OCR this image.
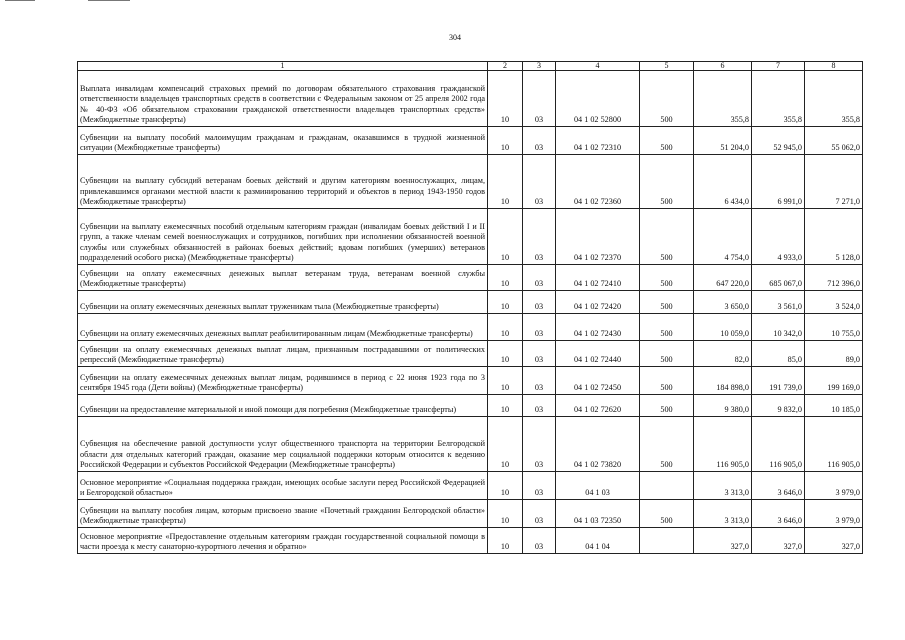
304
1	2	3	4	5	6	7	8
Выплата инвалидам компенсаций страховых премий по договорам обязательного страхования гражданской ответственности владельцев транспортных средств в соответствии с Федеральным законом от 25 апреля 2002 года № 40-ФЗ «Об обязательном страховании гражданской ответственности владельцев транспортных средств» (Межбюджетные трансферты)	10	03	04 1 02 52800	500	355,8	355,8	355,8
Субвенции на выплату пособий малоимущим гражданам и гражданам, оказавшимся в трудной жизненной ситуации (Межбюджетные трансферты)	10	03	04 1 02 72310	500	51 204,0	52 945,0	55 062,0
Субвенции на выплату субсидий ветеранам боевых действий и другим категориям военнослужащих, лицам, привлекавшимся органами местной власти к разминированию территорий и объектов в период 1943-1950 годов (Межбюджетные трансферты)	10	03	04 1 02 72360	500	6 434,0	6 991,0	7 271,0
Субвенции на выплату ежемесячных пособий отдельным категориям граждан (инвалидам боевых действий I и II групп, а также членам семей военнослужащих и сотрудников, погибших при исполнении обязанностей военной службы или служебных обязанностей в районах боевых действий; вдовам погибших (умерших) ветеранов подразделений особого риска) (Межбюджетные трансферты)	10	03	04 1 02 72370	500	4 754,0	4 933,0	5 128,0
Субвенции на оплату ежемесячных денежных выплат ветеранам труда, ветеранам военной службы (Межбюджетные трансферты)	10	03	04 1 02 72410	500	647 220,0	685 067,0	712 396,0
Субвенции на оплату ежемесячных денежных выплат труженикам тыла (Межбюджетные трансферты)	10	03	04 1 02 72420	500	3 650,0	3 561,0	3 524,0
Субвенции на оплату ежемесячных денежных выплат реабилитированным лицам (Межбюджетные трансферты)	10	03	04 1 02 72430	500	10 059,0	10 342,0	10 755,0
Субвенции на оплату ежемесячных денежных выплат лицам, признанным пострадавшими от политических репрессий (Межбюджетные трансферты)	10	03	04 1 02 72440	500	82,0	85,0	89,0
Субвенции на оплату ежемесячных денежных выплат лицам, родившимся в период с 22 июня 1923 года по 3 сентября 1945 года (Дети войны) (Межбюджетные трансферты)	10	03	04 1 02 72450	500	184 898,0	191 739,0	199 169,0
Субвенции на предоставление материальной и иной помощи для погребения (Межбюджетные трансферты)	10	03	04 1 02 72620	500	9 380,0	9 832,0	10 185,0
Субвенция на обеспечение равной доступности услуг общественного транспорта на территории Белгородской области для отдельных категорий граждан, оказание мер социальной поддержки которым относится к ведению Российской Федерации и субъектов Российской Федерации (Межбюджетные трансферты)	10	03	04 1 02 73820	500	116 905,0	116 905,0	116 905,0
Основное мероприятие «Социальная поддержка граждан, имеющих особые заслуги перед Российской Федерацией и Белгородской областью»	10	03	04 1 03		3 313,0	3 646,0	3 979,0
Субвенции на выплату пособия лицам, которым присвоено звание «Почетный гражданин Белгородской области» (Межбюджетные трансферты)	10	03	04 1 03 72350	500	3 313,0	3 646,0	3 979,0
Основное мероприятие «Предоставление отдельным категориям граждан государственной социальной помощи в части проезда к месту санаторно-курортного лечения и обратно»	10	03	04 1 04		327,0	327,0	327,0
